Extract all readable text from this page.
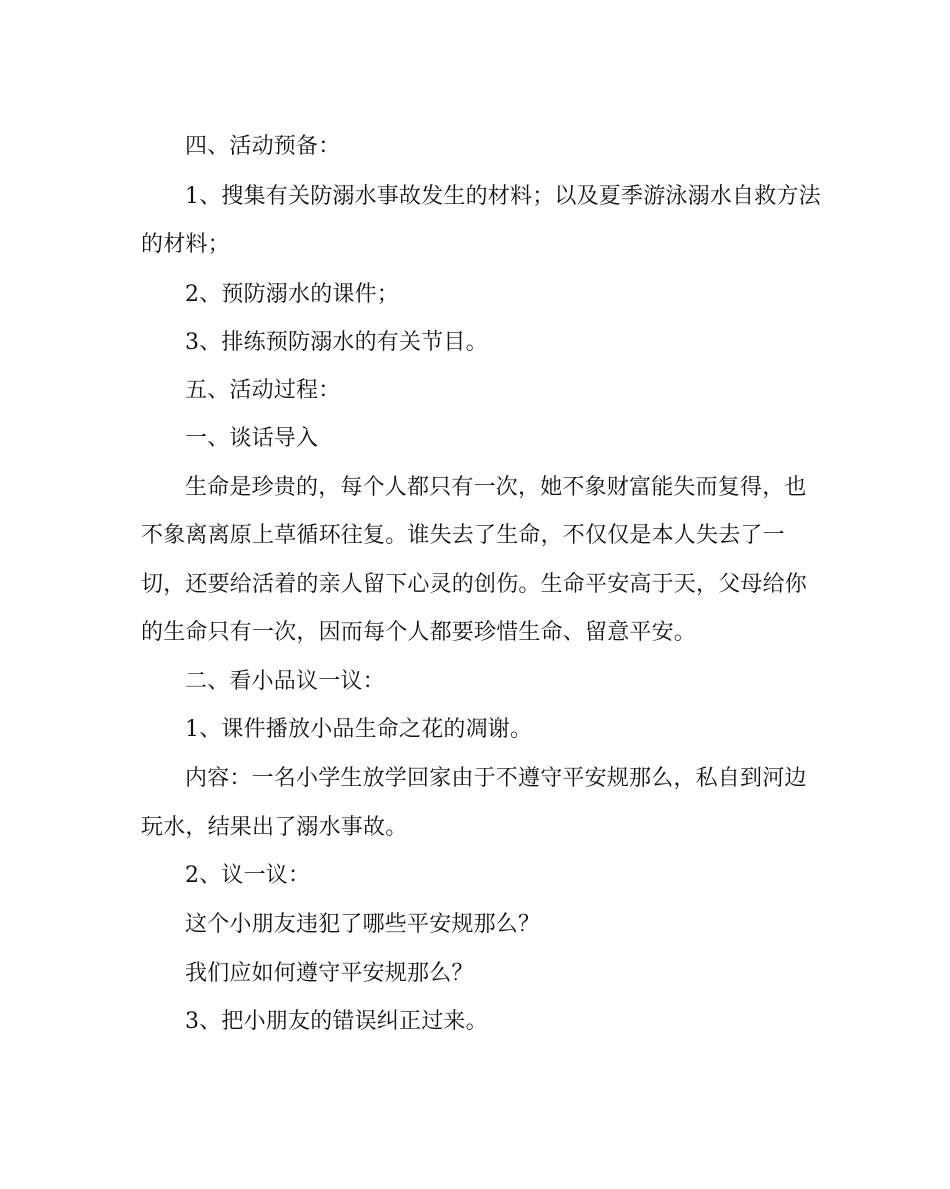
四、活动预备：
1、搜集有关防溺水事故发生的材料；以及夏季游泳溺水自救方法
的材料；
2、预防溺水的课件；
3、排练预防溺水的有关节目。
五、活动过程：
一、谈话导入
生命是珍贵的，每个人都只有一次，她不象财富能失而复得，也
不象离离原上草循环往复。谁失去了生命，不仅仅是本人失去了一
切，还要给活着的亲人留下心灵的创伤。生命平安高于天，父母给你
的生命只有一次，因而每个人都要珍惜生命、留意平安。
二、看小品议一议：
1、课件播放小品生命之花的凋谢。
内容：一名小学生放学回家由于不遵守平安规那么，私自到河边
玩水，结果出了溺水事故。
2、议一议：
这个小朋友违犯了哪些平安规那么？
我们应如何遵守平安规那么？
3、把小朋友的错误纠正过来。
